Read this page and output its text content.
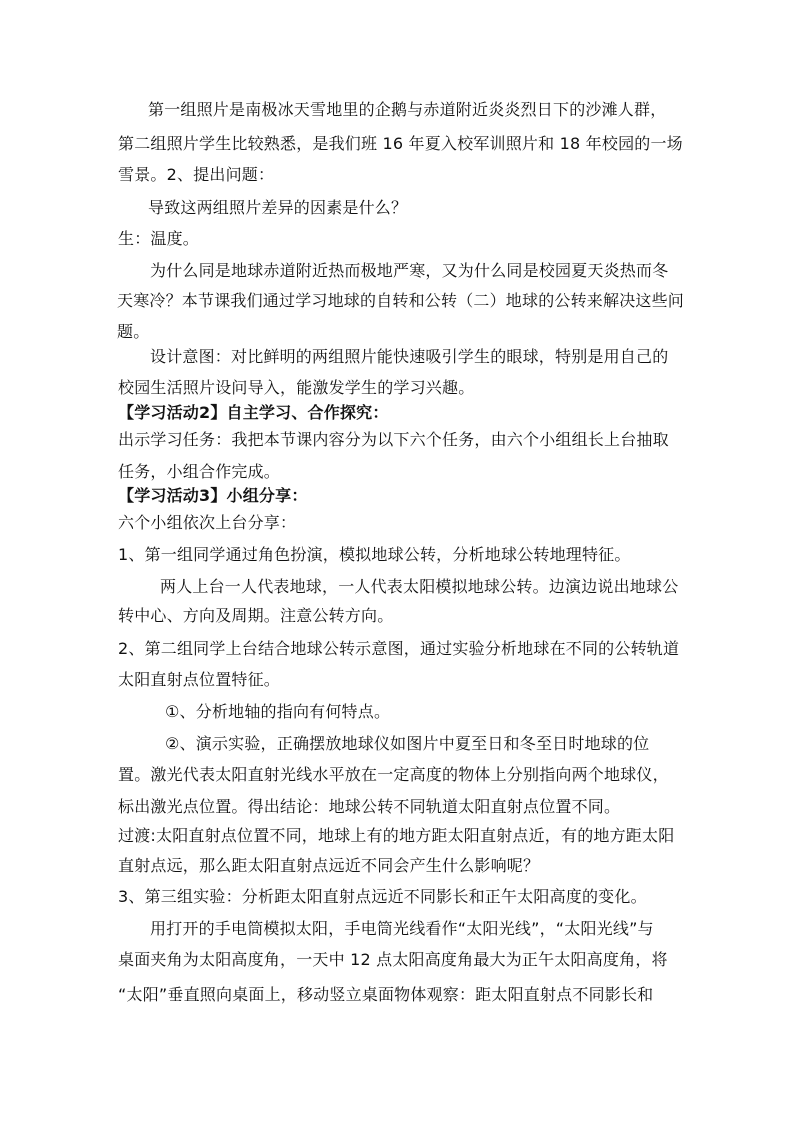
第一组照片是南极冰天雪地里的企鹅与赤道附近炎炎烈日下的沙滩人群，
第二组照片学生比较熟悉，是我们班 16 年夏入校军训照片和 18 年校园的一场
雪景。2、提出问题：
导致这两组照片差异的因素是什么？
生：温度。
为什么同是地球赤道附近热而极地严寒，又为什么同是校园夏天炎热而冬
天寒冷？本节课我们通过学习地球的自转和公转（二）地球的公转来解决这些问
题。
设计意图：对比鲜明的两组照片能快速吸引学生的眼球，特别是用自己的
校园生活照片设问导入，能激发学生的学习兴趣。
【学习活动2】自主学习、合作探究：
出示学习任务：我把本节课内容分为以下六个任务，由六个小组组长上台抽取
任务，小组合作完成。
【学习活动3】小组分享：
六个小组依次上台分享：
1、第一组同学通过角色扮演，模拟地球公转，分析地球公转地理特征。
两人上台一人代表地球，一人代表太阳模拟地球公转。边演边说出地球公
转中心、方向及周期。注意公转方向。
2、第二组同学上台结合地球公转示意图，通过实验分析地球在不同的公转轨道
太阳直射点位置特征。
①、分析地轴的指向有何特点。
②、演示实验，正确摆放地球仪如图片中夏至日和冬至日时地球的位
置。激光代表太阳直射光线水平放在一定高度的物体上分别指向两个地球仪，
标出激光点位置。得出结论：地球公转不同轨道太阳直射点位置不同。
过渡:太阳直射点位置不同，地球上有的地方距太阳直射点近，有的地方距太阳
直射点远，那么距太阳直射点远近不同会产生什么影响呢？
3、第三组实验：分析距太阳直射点远近不同影长和正午太阳高度的变化。
用打开的手电筒模拟太阳，手电筒光线看作“太阳光线”，“太阳光线”与
桌面夹角为太阳高度角，一天中 12 点太阳高度角最大为正午太阳高度角，将
“太阳”垂直照向桌面上，移动竖立桌面物体观察：距太阳直射点不同影长和
